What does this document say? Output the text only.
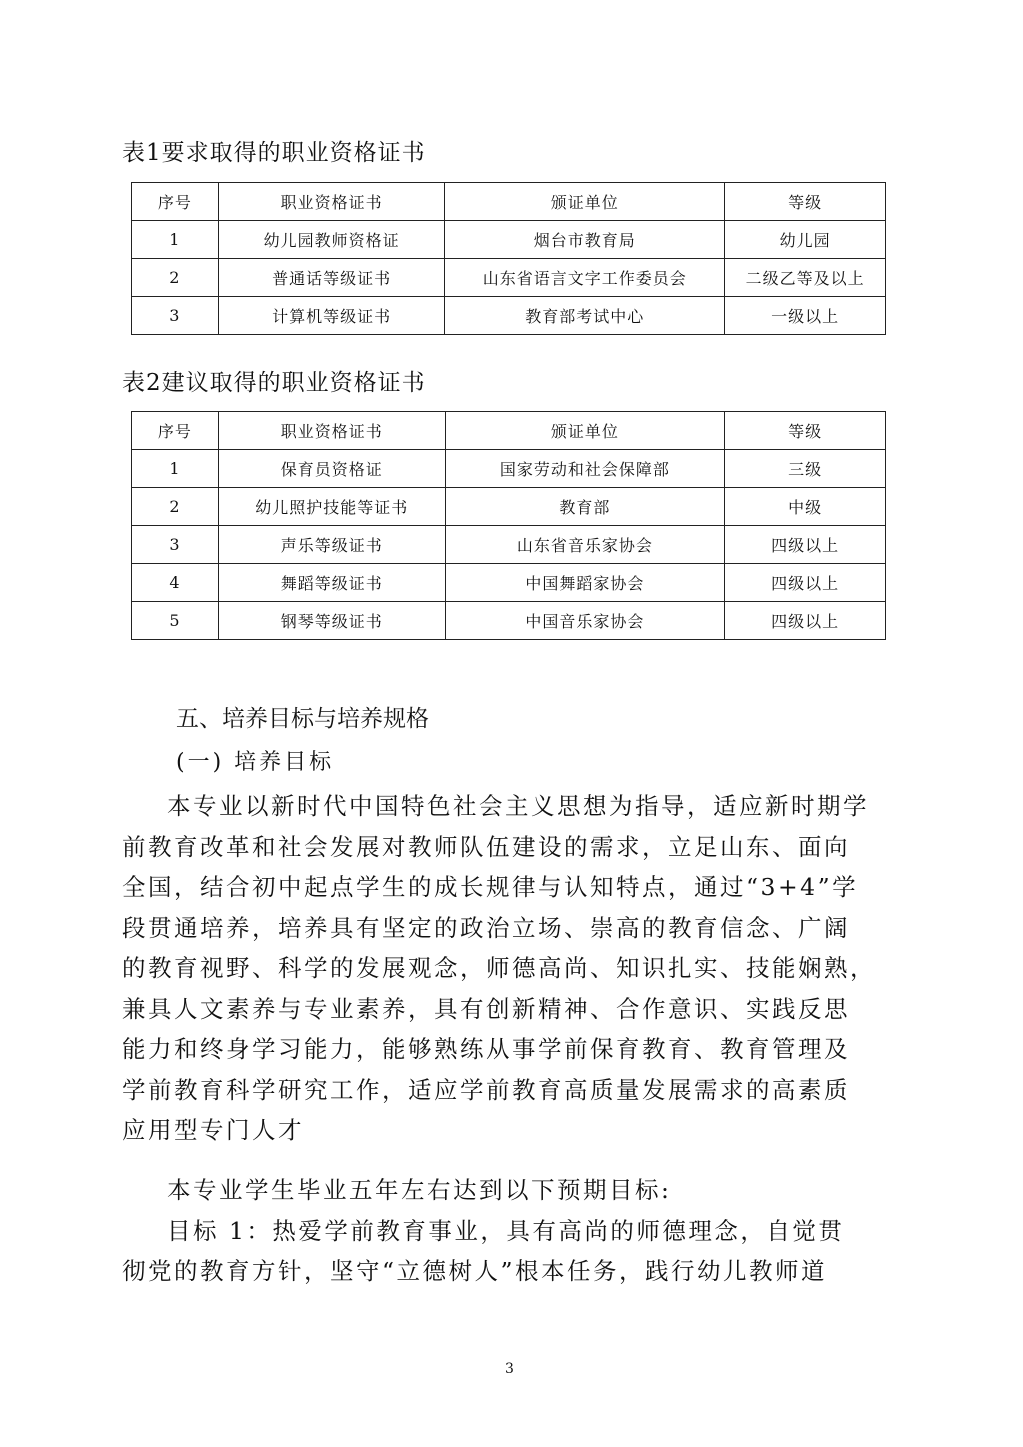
表1要求取得的职业资格证书
序号	职业资格证书	颁证单位	等级
1	幼儿园教师资格证	烟台市教育局	幼儿园
2	普通话等级证书	山东省语言文字工作委员会	二级乙等及以上
3	计算机等级证书	教育部考试中心	一级以上
表2建议取得的职业资格证书
序号	职业资格证书	颁证单位	等级
1	保育员资格证	国家劳动和社会保障部	三级
2	幼儿照护技能等证书	教育部	中级
3	声乐等级证书	山东省音乐家协会	四级以上
4	舞蹈等级证书	中国舞蹈家协会	四级以上
5	钢琴等级证书	中国音乐家协会	四级以上
五、培养目标与培养规格
(一) 培养目标
本专业以新时代中国特色社会主义思想为指导，适应新时期学
前教育改革和社会发展对教师队伍建设的需求，立足山东、面向
全国，结合初中起点学生的成长规律与认知特点，通过“3+4”学
段贯通培养，培养具有坚定的政治立场、崇高的教育信念、广阔
的教育视野、科学的发展观念，师德高尚、知识扎实、技能娴熟，
兼具人文素养与专业素养，具有创新精神、合作意识、实践反思
能力和终身学习能力，能够熟练从事学前保育教育、教育管理及
学前教育科学研究工作，适应学前教育高质量发展需求的高素质
应用型专门人才
本专业学生毕业五年左右达到以下预期目标:
目标 1：热爱学前教育事业，具有高尚的师德理念，自觉贯
彻党的教育方针，坚守“立德树人”根本任务，践行幼儿教师道
3
